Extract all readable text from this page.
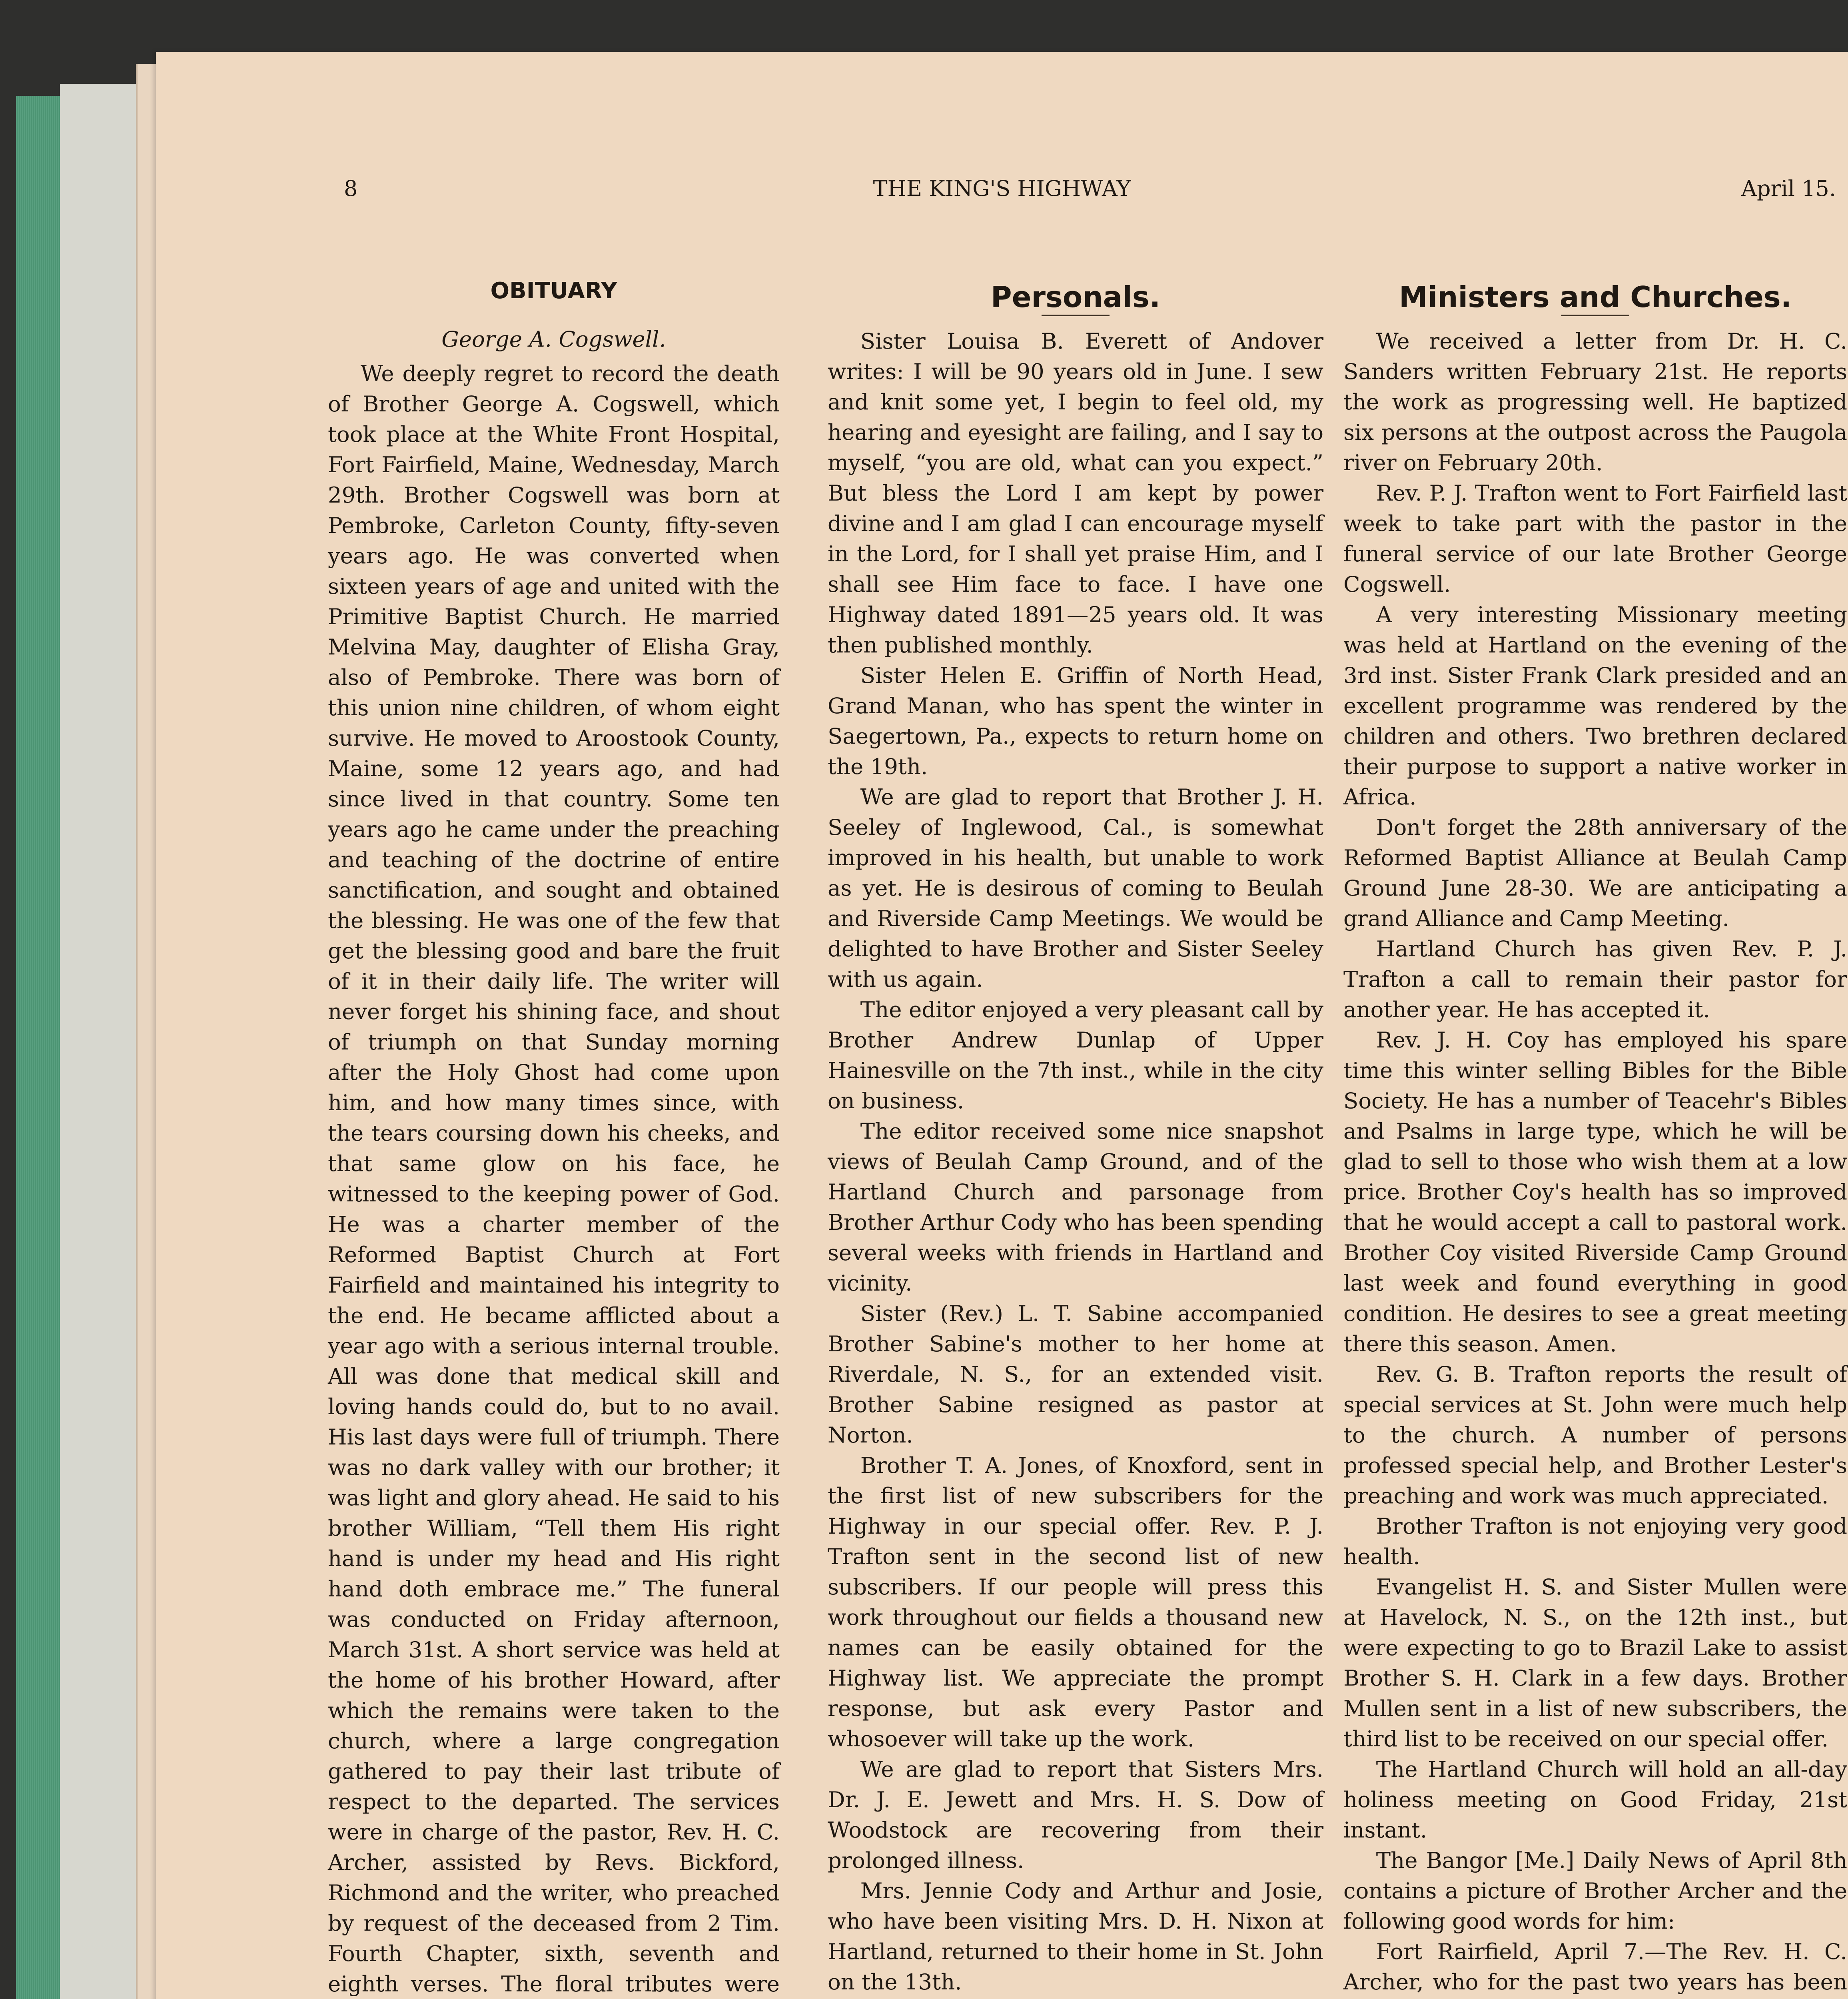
8	THE KING'S HIGHWAY	April 15.
OBITUARY
George A. Cogswell.

We deeply regret to record the death of Brother George A. Cogswell, which took place at the White Front Hospital, Fort Fairfield, Maine, Wednesday, March 29th. Brother Cogswell was born at Pembroke, Carleton County, fifty-seven years ago. He was converted when sixteen years of age and united with the Primitive Baptist Church. He married Melvina May, daughter of Elisha Gray, also of Pembroke. There was born of this union nine children, of whom eight survive. He moved to Aroostook County, Maine, some 12 years ago, and had since lived in that country. Some ten years ago he came under the preaching and teaching of the doctrine of entire sanctification, and sought and obtained the blessing. He was one of the few that get the blessing good and bare the fruit of it in their daily life. The writer will never forget his shining face, and shout of triumph on that Sunday morning after the Holy Ghost had come upon him, and how many times since, with the tears coursing down his cheeks, and that same glow on his face, he witnessed to the keeping power of God. He was a charter member of the Reformed Baptist Church at Fort Fairfield and maintained his integrity to the end. He became afflicted about a year ago with a serious internal trouble. All was done that medical skill and loving hands could do, but to no avail. His last days were full of triumph. There was no dark valley with our brother; it was light and glory ahead. He said to his brother William, “Tell them His right hand is under my head and His right hand doth embrace me.” The funeral was conducted on Friday afternoon, March 31st. A short service was held at the home of his brother Howard, after which the remains were taken to the church, where a large congregation gathered to pay their last tribute of respect to the departed. The services were in charge of the pastor, Rev. H. C. Archer, assisted by Revs. Bickford, Richmond and the writer, who preached by request of the deceased from 2 Tim. Fourth Chapter, sixth, seventh and eighth verses. The floral tributes were

Personals.

Sister Louisa B. Everett of Andover writes: I will be 90 years old in June. I sew and knit some yet, I begin to feel old, my hearing and eyesight are failing, and I say to myself, “you are old, what can you expect.” But bless the Lord I am kept by power divine and I am glad I can encourage myself in the Lord, for I shall yet praise Him, and I shall see Him face to face. I have one Highway dated 1891—25 years old. It was then published monthly.

Sister Helen E. Griffin of North Head, Grand Manan, who has spent the winter in Saegertown, Pa., expects to return home on the 19th.

We are glad to report that Brother J. H. Seeley of Inglewood, Cal., is somewhat improved in his health, but unable to work as yet. He is desirous of coming to Beulah and Riverside Camp Meetings. We would be delighted to have Brother and Sister Seeley with us again.

The editor enjoyed a very pleasant call by Brother Andrew Dunlap of Upper Hainesville on the 7th inst., while in the city on business.

The editor received some nice snapshot views of Beulah Camp Ground, and of the Hartland Church and parsonage from Brother Arthur Cody who has been spending several weeks with friends in Hartland and vicinity.

Sister (Rev.) L. T. Sabine accompanied Brother Sabine's mother to her home at Riverdale, N. S., for an extended visit. Brother Sabine resigned as pastor at Norton.

Brother T. A. Jones, of Knoxford, sent in the first list of new subscribers for the Highway in our special offer. Rev. P. J. Trafton sent in the second list of new subscribers. If our people will press this work throughout our fields a thousand new names can be easily obtained for the Highway list. We appreciate the prompt response, but ask every Pastor and whosoever will take up the work.

We are glad to report that Sisters Mrs. Dr. J. E. Jewett and Mrs. H. S. Dow of Woodstock are recovering from their prolonged illness.

Mrs. Jennie Cody and Arthur and Josie, who have been visiting Mrs. D. H. Nixon at Hartland, returned to their home in St. John on the 13th.

Ministers and Churches.

We received a letter from Dr. H. C. Sanders written February 21st. He reports the work as progressing well. He baptized six persons at the outpost across the Paugola river on February 20th.

Rev. P. J. Trafton went to Fort Fairfield last week to take part with the pastor in the funeral service of our late Brother George Cogswell.

A very interesting Missionary meeting was held at Hartland on the evening of the 3rd inst. Sister Frank Clark presided and an excellent programme was rendered by the children and others. Two brethren declared their purpose to support a native worker in Africa.

Don't forget the 28th anniversary of the Reformed Baptist Alliance at Beulah Camp Ground June 28-30. We are anticipating a grand Alliance and Camp Meeting.

Hartland Church has given Rev. P. J. Trafton a call to remain their pastor for another year. He has accepted it.

Rev. J. H. Coy has employed his spare time this winter selling Bibles for the Bible Society. He has a number of Teacehr's Bibles and Psalms in large type, which he will be glad to sell to those who wish them at a low price. Brother Coy's health has so improved that he would accept a call to pastoral work. Brother Coy visited Riverside Camp Ground last week and found everything in good condition. He desires to see a great meeting there this season. Amen.

Rev. G. B. Trafton reports the result of special services at St. John were much help to the church. A number of persons professed special help, and Brother Lester's preaching and work was much appreciated.

Brother Trafton is not enjoying very good health.

Evangelist H. S. and Sister Mullen were at Havelock, N. S., on the 12th inst., but were expecting to go to Brazil Lake to assist Brother S. H. Clark in a few days. Brother Mullen sent in a list of new subscribers, the third list to be received on our special offer.

The Hartland Church will hold an all-day holiness meeting on Good Friday, 21st instant.

The Bangor [Me.] Daily News of April 8th contains a picture of Brother Archer and the following good words for him:

Fort Rairfield, April 7.—The Rev. H. C. Archer, who for the past two years has been
